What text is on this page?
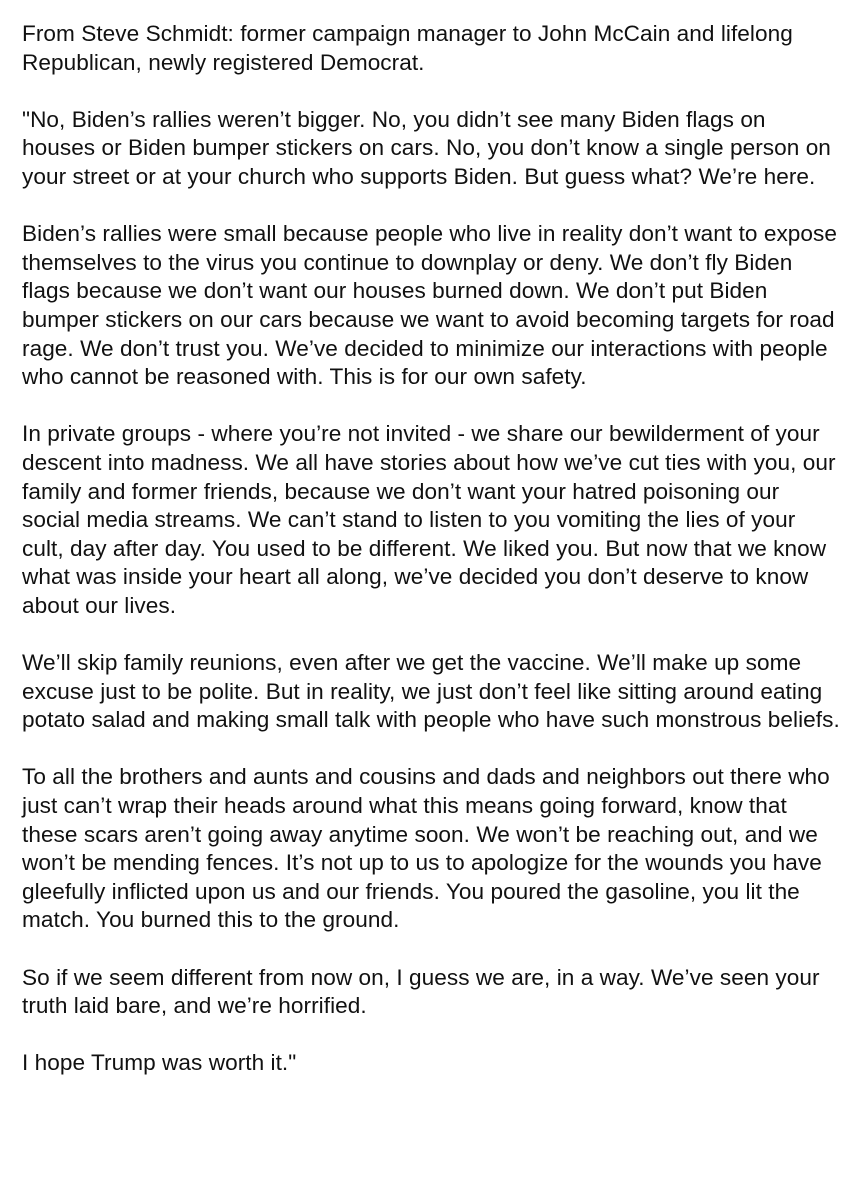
From Steve Schmidt: former campaign manager to John McCain and lifelong Republican, newly registered Democrat.

"No, Biden’s rallies weren’t bigger. No, you didn’t see many Biden flags on houses or Biden bumper stickers on cars. No, you don’t know a single person on your street or at your church who supports Biden. But guess what? We’re here.

Biden’s rallies were small because people who live in reality don’t want to expose themselves to the virus you continue to downplay or deny. We don’t fly Biden flags because we don’t want our houses burned down. We don’t put Biden bumper stickers on our cars because we want to avoid becoming targets for road rage. We don’t trust you. We’ve decided to minimize our interactions with people who cannot be reasoned with. This is for our own safety.

In private groups - where you’re not invited - we share our bewilderment of your descent into madness. We all have stories about how we’ve cut ties with you, our family and former friends, because we don’t want your hatred poisoning our social media streams. We can’t stand to listen to you vomiting the lies of your cult, day after day. You used to be different. We liked you. But now that we know what was inside your heart all along, we’ve decided you don’t deserve to know about our lives.

We’ll skip family reunions, even after we get the vaccine. We’ll make up some excuse just to be polite. But in reality, we just don’t feel like sitting around eating potato salad and making small talk with people who have such monstrous beliefs.

To all the brothers and aunts and cousins and dads and neighbors out there who just can’t wrap their heads around what this means going forward, know that these scars aren’t going away anytime soon. We won’t be reaching out, and we won’t be mending fences. It’s not up to us to apologize for the wounds you have gleefully inflicted upon us and our friends. You poured the gasoline, you lit the match. You burned this to the ground.

So if we seem different from now on, I guess we are, in a way. We’ve seen your truth laid bare, and we’re horrified.

I hope Trump was worth it."
